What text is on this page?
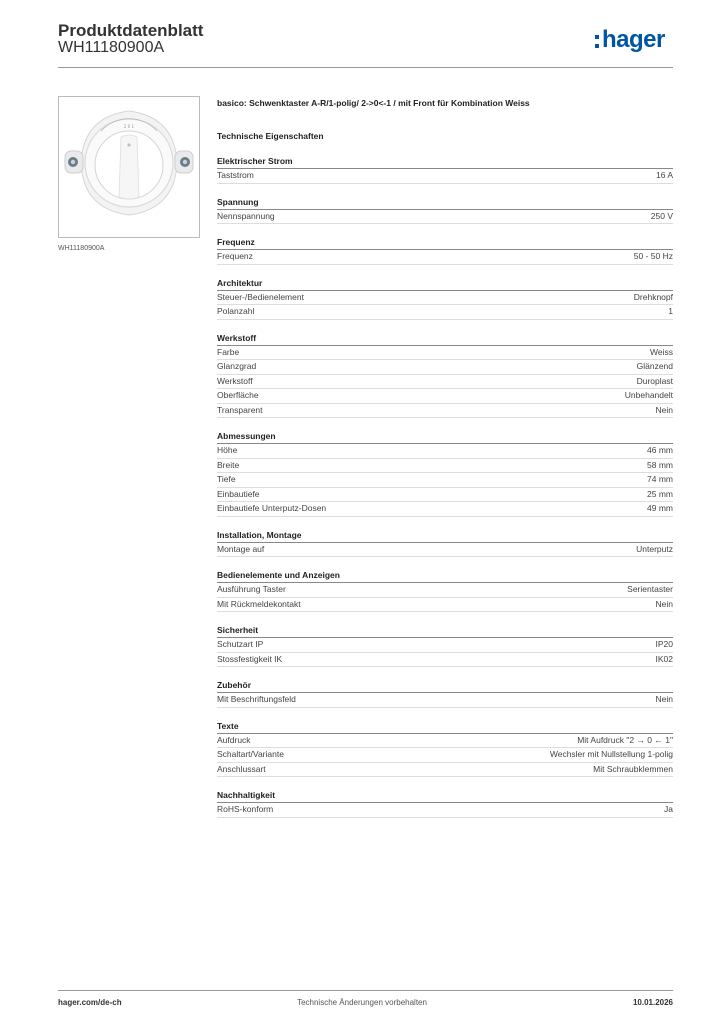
Produktdatenblatt
WH11180900A	hager
2 0 1
WH11180900A
basico: Schwenktaster A-R/1-polig/ 2->0<-1 / mit Front für Kombination Weiss
Technische Eigenschaften
Elektrischer Strom
Taststrom	16 A
Spannung
Nennspannung	250 V
Frequenz
Frequenz	50 - 50 Hz
Architektur
Steuer-/Bedienelement	Drehknopf
Polanzahl	1
Werkstoff
Farbe	Weiss
Glanzgrad	Glänzend
Werkstoff	Duroplast
Oberfläche	Unbehandelt
Transparent	Nein
Abmessungen
Höhe	46 mm
Breite	58 mm
Tiefe	74 mm
Einbautiefe	25 mm
Einbautiefe Unterputz-Dosen	49 mm
Installation, Montage
Montage auf	Unterputz
Bedienelemente und Anzeigen
Ausführung Taster	Serientaster
Mit Rückmeldekontakt	Nein
Sicherheit
Schutzart IP	IP20
Stossfestigkeit IK	IK02
Zubehör
Mit Beschriftungsfeld	Nein
Texte
Aufdruck	Mit Aufdruck "2 → 0 ← 1"
Schaltart/Variante	Wechsler mit Nullstellung 1-polig
Anschlussart	Mit Schraubklemmen
Nachhaltigkeit
RoHS-konform	Ja
hager.com/de-ch	Technische Änderungen vorbehalten	10.01.2026
